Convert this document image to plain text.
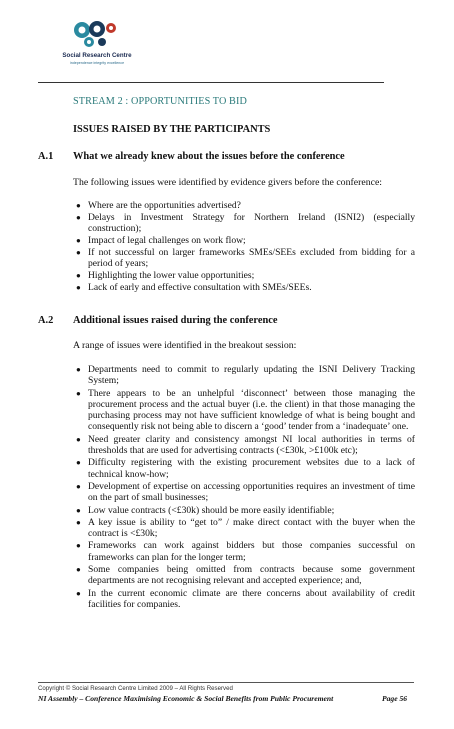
Social Research Centre
independence integrity excellence
STREAM 2 : OPPORTUNITIES TO BID
ISSUES RAISED BY THE PARTICIPANTS
A.1 What we already knew about the issues before the conference
The following issues were identified by evidence givers before the conference:
● Where are the opportunities advertised?
● Delays in Investment Strategy for Northern Ireland (ISNI2) (especially construction);
● Impact of legal challenges on work flow;
● If not successful on larger frameworks SMEs/SEEs excluded from bidding for a period of years;
● Highlighting the lower value opportunities;
● Lack of early and effective consultation with SMEs/SEEs.
A.2 Additional issues raised during the conference
A range of issues were identified in the breakout session:
● Departments need to commit to regularly updating the ISNI Delivery Tracking System;
● There appears to be an unhelpful ‘disconnect’ between those managing the procurement process and the actual buyer (i.e. the client) in that those managing the purchasing process may not have sufficient knowledge of what is being bought and consequently risk not being able to discern a ‘good’ tender from a ‘inadequate’ one.
● Need greater clarity and consistency amongst NI local authorities in terms of thresholds that are used for advertising contracts (<£30k, >£100k etc);
● Difficulty registering with the existing procurement websites due to a lack of technical know-how;
● Development of expertise on accessing opportunities requires an investment of time on the part of small businesses;
● Low value contracts (<£30k) should be more easily identifiable;
● A key issue is ability to “get to” / make direct contact with the buyer when the contract is <£30k;
● Frameworks can work against bidders but those companies successful on frameworks can plan for the longer term;
● Some companies being omitted from contracts because some government departments are not recognising relevant and accepted experience; and,
● In the current economic climate are there concerns about availability of credit facilities for companies.
Copyright © Social Research Centre Limited 2009 – All Rights Reserved
NI Assembly – Conference Maximising Economic & Social Benefits from Public Procurement	Page 56
